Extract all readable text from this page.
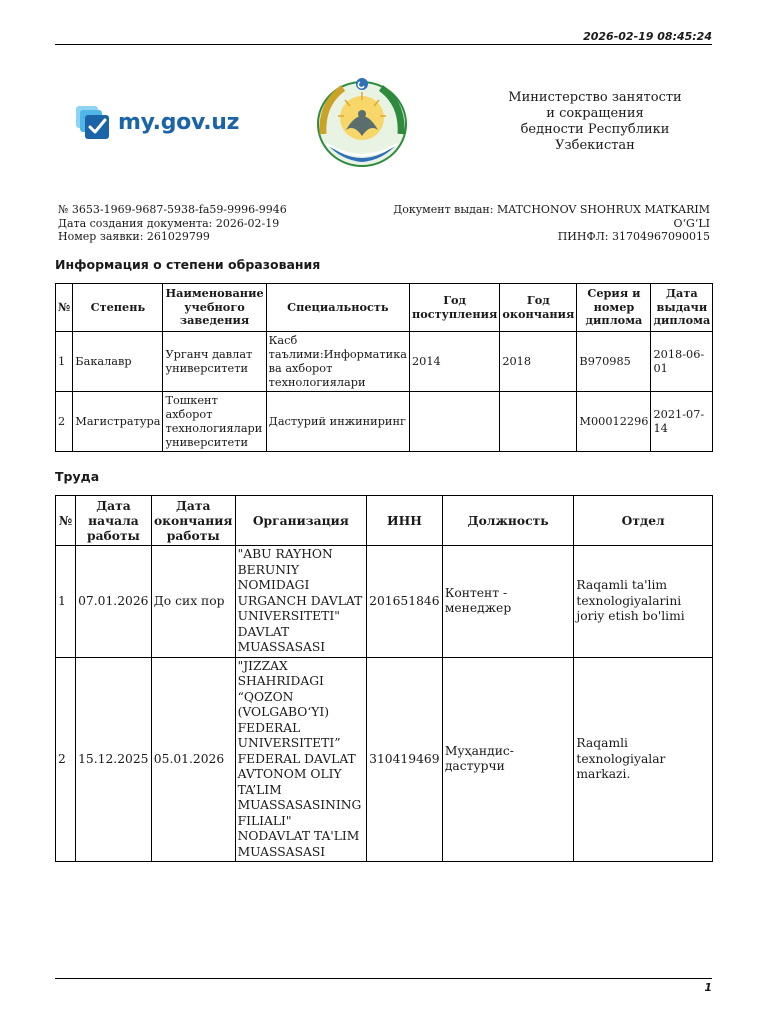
2026-02-19 08:45:24
my.gov.uz
Министерство занятости
и сокращения
бедности Республики
Узбекистан
№ 3653-1969-9687-5938-fa59-9996-9946
Дата создания документа: 2026-02-19
Номер заявки: 261029799
Документ выдан: MATCHONOV SHOHRUX MATKARIM
O‘G‘LI
ПИНФЛ: 31704967090015
Информация о степени образования
№	Степень	Наименование учебного заведения	Специальность	Год поступления	Год окончания	Серия и номер диплома	Дата выдачи диплома
1	Бакалавр	Урганч давлат университети	Касб таълими:Информатика ва ахборот технологиялари	2014	2018	B970985	2018-06-01
2	Магистратура	Тошкент ахборот технологиялари университети	Дастурий инжиниринг			M00012296	2021-07-14
Труда
№	Дата начала работы	Дата окончания работы	Организация	ИНН	Должность	Отдел
1	07.01.2026	До сих пор	"ABU RAYHON BERUNIY NOMIDAGI URGANCH DAVLAT UNIVERSITETI" DAVLAT MUASSASASI	201651846	Контент - менеджер	Raqamli ta'lim texnologiyalarini joriy etish bo'limi
2	15.12.2025	05.01.2026	"JIZZAX SHAHRIDAGI “QOZON (VOLGABO‘YI) FEDERAL UNIVERSITETI” FEDERAL DAVLAT AVTONOM OLIY TA’LIM MUASSASASINING FILIALI" NODAVLAT TA'LIM MUASSASASI	310419469	Муҳандис-дастурчи	Raqamli texnologiyalar markazi.
1
